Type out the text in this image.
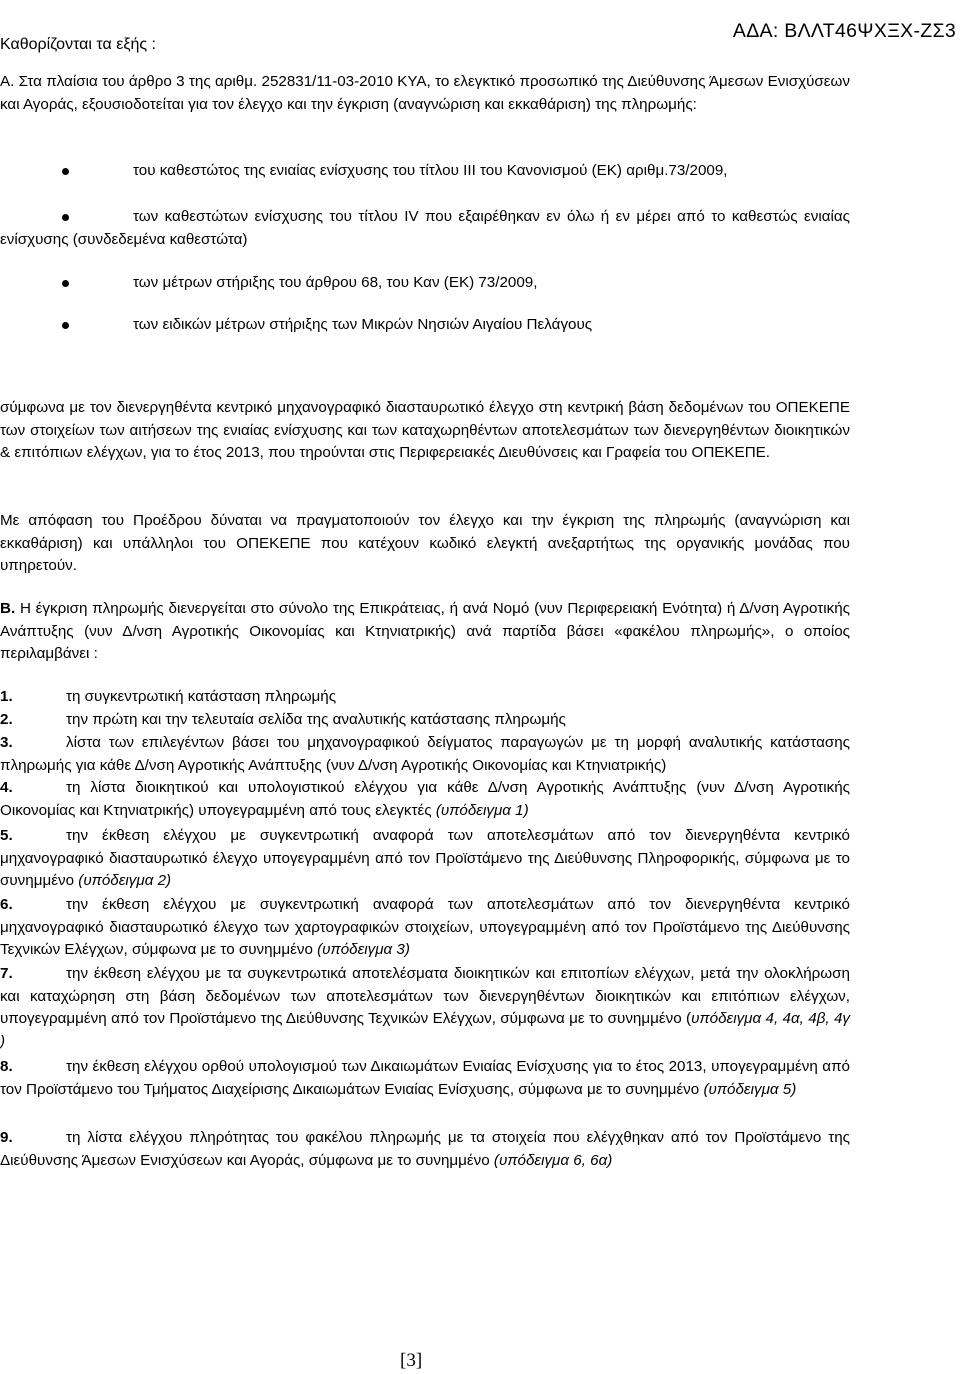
Καθορίζονται τα εξής :
ΑΔΑ: ΒΛΛΤ46ΨΧΞΧ-ΖΣ3
Α. Στα πλαίσια του άρθρο 3 της αριθμ. 252831/11-03-2010 ΚΥΑ, το ελεγκτικό προσωπικό της Διεύθυνσης Άμεσων Ενισχύσεων και Αγοράς, εξουσιοδοτείται για τον έλεγχο και την έγκριση (αναγνώριση και εκκαθάριση) της πληρωμής:
του καθεστώτος της ενιαίας ενίσχυσης του τίτλου ΙΙΙ του Κανονισμού (ΕΚ) αριθμ.73/2009,
των καθεστώτων ενίσχυσης του τίτλου IV που εξαιρέθηκαν εν όλω ή εν μέρει από το καθεστώς ενιαίας ενίσχυσης (συνδεδεμένα καθεστώτα)
των μέτρων στήριξης του άρθρου 68, του Καν (ΕΚ) 73/2009,
των ειδικών μέτρων στήριξης των Μικρών Νησιών Αιγαίου Πελάγους
σύμφωνα με τον διενεργηθέντα κεντρικό μηχανογραφικό διασταυρωτικό έλεγχο στη κεντρική βάση δεδομένων του ΟΠΕΚΕΠΕ των στοιχείων των αιτήσεων της ενιαίας ενίσχυσης και των καταχωρηθέντων αποτελεσμάτων των διενεργηθέντων διοικητικών & επιτόπιων ελέγχων, για το έτος 2013, που τηρούνται στις Περιφερειακές Διευθύνσεις και Γραφεία του ΟΠΕΚΕΠΕ.
Με απόφαση του Προέδρου δύναται να πραγματοποιούν τον έλεγχο και την έγκριση της πληρωμής (αναγνώριση και εκκαθάριση) και υπάλληλοι του ΟΠΕΚΕΠΕ που κατέχουν κωδικό ελεγκτή ανεξαρτήτως της οργανικής μονάδας που υπηρετούν.
Β. Η έγκριση πληρωμής διενεργείται στο σύνολο της Επικράτειας, ή ανά Νομό (νυν Περιφερειακή Ενότητα) ή Δ/νση Αγροτικής Ανάπτυξης (νυν Δ/νση Αγροτικής Οικονομίας και Κτηνιατρικής) ανά παρτίδα βάσει «φακέλου πληρωμής», ο οποίος περιλαμβάνει :
1.	τη συγκεντρωτική κατάσταση πληρωμής
2.	την πρώτη και την τελευταία σελίδα της αναλυτικής κατάστασης πληρωμής
3.	λίστα των επιλεγέντων βάσει του μηχανογραφικού δείγματος παραγωγών με τη μορφή αναλυτικής κατάστασης πληρωμής για κάθε Δ/νση Αγροτικής Ανάπτυξης (νυν Δ/νση Αγροτικής Οικονομίας και Κτηνιατρικής)
4.	τη λίστα διοικητικού και υπολογιστικού ελέγχου για κάθε Δ/νση Αγροτικής Ανάπτυξης (νυν Δ/νση Αγροτικής Οικονομίας και Κτηνιατρικής) υπογεγραμμένη από τους ελεγκτές (υπόδειγμα 1)
5.	την έκθεση ελέγχου με συγκεντρωτική αναφορά των αποτελεσμάτων από τον διενεργηθέντα κεντρικό μηχανογραφικό διασταυρωτικό έλεγχο υπογεγραμμένη από τον Προϊστάμενο της Διεύθυνσης Πληροφορικής, σύμφωνα με το συνημμένο (υπόδειγμα 2)
6.	την έκθεση ελέγχου με συγκεντρωτική αναφορά των αποτελεσμάτων από τον διενεργηθέντα κεντρικό μηχανογραφικό διασταυρωτικό έλεγχο των χαρτογραφικών στοιχείων, υπογεγραμμένη από τον Προϊστάμενο της Διεύθυνσης Τεχνικών Ελέγχων, σύμφωνα με το συνημμένο (υπόδειγμα 3)
7.	την έκθεση ελέγχου με τα συγκεντρωτικά αποτελέσματα διοικητικών και επιτοπίων ελέγχων, μετά την ολοκλήρωση και καταχώρηση στη βάση δεδομένων των αποτελεσμάτων των διενεργηθέντων διοικητικών και επιτόπιων ελέγχων, υπογεγραμμένη από τον Προϊστάμενο της Διεύθυνσης Τεχνικών Ελέγχων, σύμφωνα με το συνημμένο (υπόδειγμα 4, 4α, 4β, 4γ )
8.	την έκθεση ελέγχου ορθού υπολογισμού των Δικαιωμάτων Ενιαίας Ενίσχυσης για το έτος 2013, υπογεγραμμένη από τον Προϊστάμενο του Τμήματος Διαχείρισης Δικαιωμάτων Ενιαίας Ενίσχυσης, σύμφωνα με το συνημμένο (υπόδειγμα 5)
9.	τη λίστα ελέγχου πληρότητας του φακέλου πληρωμής με τα στοιχεία που ελέγχθηκαν από τον Προϊστάμενο της Διεύθυνσης Άμεσων Ενισχύσεων και Αγοράς, σύμφωνα με το συνημμένο (υπόδειγμα 6, 6α)
[3]
